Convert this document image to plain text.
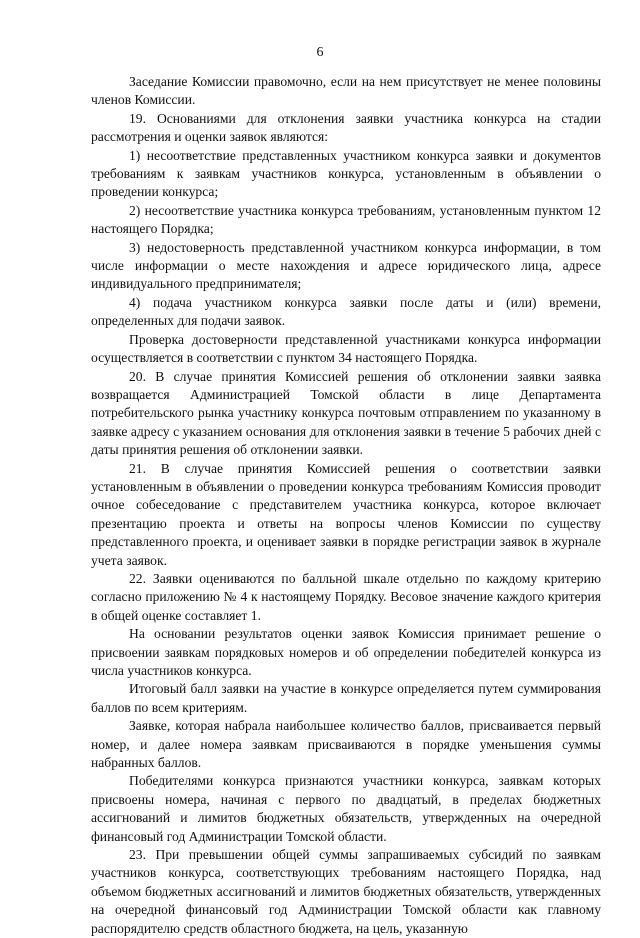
6

Заседание Комиссии правомочно, если на нем присутствует не менее половины членов Комиссии.

19. Основаниями для отклонения заявки участника конкурса на стадии рассмотрения и оценки заявок являются:

1) несоответствие представленных участником конкурса заявки и документов требованиям к заявкам участников конкурса, установленным в объявлении о проведении конкурса;

2) несоответствие участника конкурса требованиям, установленным пунктом 12 настоящего Порядка;

3) недостоверность представленной участником конкурса информации, в том числе информации о месте нахождения и адресе юридического лица, адресе индивидуального предпринимателя;

4) подача участником конкурса заявки после даты и (или) времени, определенных для подачи заявок.

Проверка достоверности представленной участниками конкурса информации осуществляется в соответствии с пунктом 34 настоящего Порядка.

20. В случае принятия Комиссией решения об отклонении заявки заявка возвращается Администрацией Томской области в лице Департамента потребительского рынка участнику конкурса почтовым отправлением по указанному в заявке адресу с указанием основания для отклонения заявки в течение 5 рабочих дней с даты принятия решения об отклонении заявки.

21. В случае принятия Комиссией решения о соответствии заявки установленным в объявлении о проведении конкурса требованиям Комиссия проводит очное собеседование с представителем участника конкурса, которое включает презентацию проекта и ответы на вопросы членов Комиссии по существу представленного проекта, и оценивает заявки в порядке регистрации заявок в журнале учета заявок.

22. Заявки оцениваются по балльной шкале отдельно по каждому критерию согласно приложению № 4 к настоящему Порядку. Весовое значение каждого критерия в общей оценке составляет 1.

На основании результатов оценки заявок Комиссия принимает решение о присвоении заявкам порядковых номеров и об определении победителей конкурса из числа участников конкурса.

Итоговый балл заявки на участие в конкурсе определяется путем суммирования баллов по всем критериям.

Заявке, которая набрала наибольшее количество баллов, присваивается первый номер, и далее номера заявкам присваиваются в порядке уменьшения суммы набранных баллов.

Победителями конкурса признаются участники конкурса, заявкам которых присвоены номера, начиная с первого по двадцатый, в пределах бюджетных ассигнований и лимитов бюджетных обязательств, утвержденных на очередной финансовый год Администрации Томской области.

23. При превышении общей суммы запрашиваемых субсидий по заявкам участников конкурса, соответствующих требованиям настоящего Порядка, над объемом бюджетных ассигнований и лимитов бюджетных обязательств, утвержденных на очередной финансовый год Администрации Томской области как главному распорядителю средств областного бюджета, на цель, указанную
